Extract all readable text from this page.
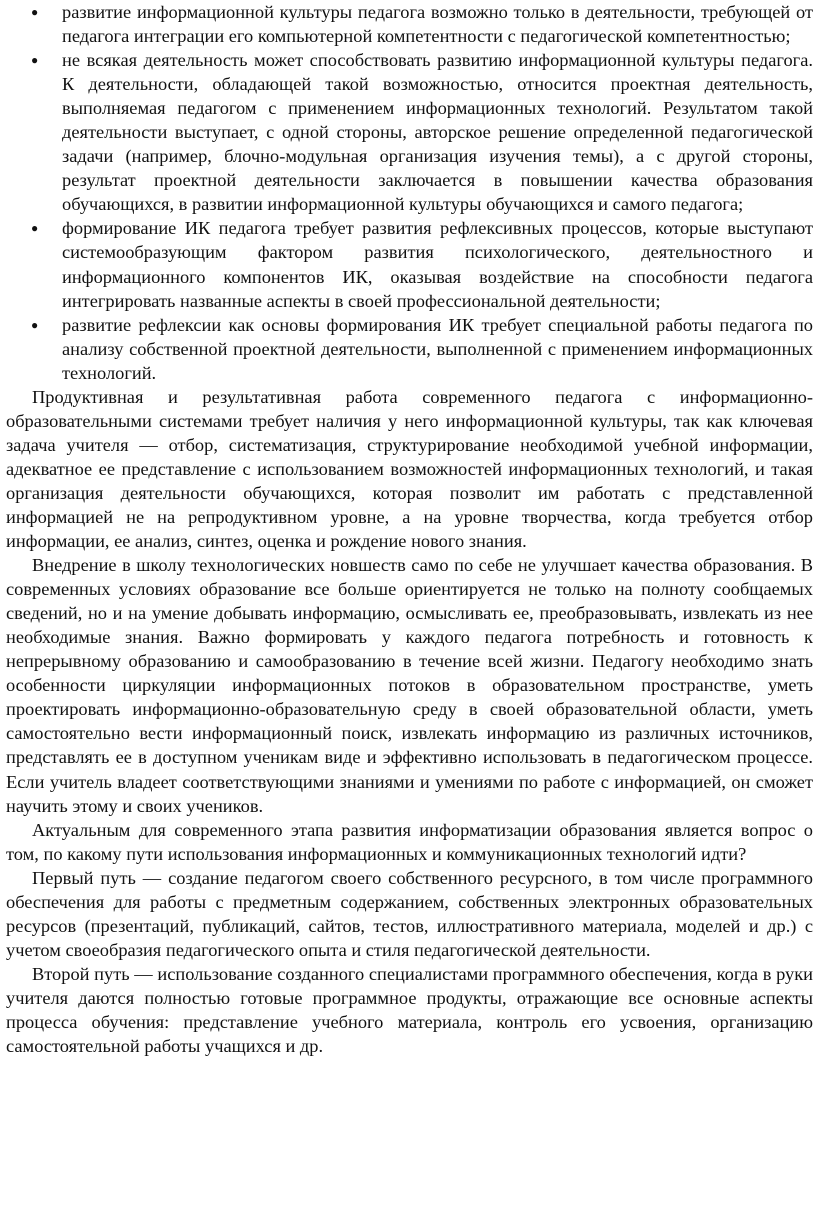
● развитие информационной культуры педагога возможно только в деятельности, требующей от педагога интеграции его компьютерной компетентности с педагогической компетентностью;
● не всякая деятельность может способствовать развитию информационной культуры педагога. К деятельности, обладающей такой возможностью, относится проектная деятельность, выполняемая педагогом с применением информационных технологий. Результатом такой деятельности выступает, с одной стороны, авторское решение определенной педагогической задачи (например, блочно-модульная организация изучения темы), а с другой стороны, результат проектной деятельности заключается в повышении качества образования обучающихся, в развитии информационной культуры обучающихся и самого педагога;
● формирование ИК педагога требует развития рефлексивных процессов, которые выступают системообразующим фактором развития психологического, деятельностного и информационного компонентов ИК, оказывая воздействие на способности педагога интегрировать названные аспекты в своей профессиональной деятельности;
● развитие рефлексии как основы формирования ИК требует специальной работы педагога по анализу собственной проектной деятельности, выполненной с применением информационных технологий.

Продуктивная и результативная работа современного педагога с информационно-образовательными системами требует наличия у него информационной культуры, так как ключевая задача учителя — отбор, систематизация, структурирование необходимой учебной информации, адекватное ее представление с использованием возможностей информационных технологий, и такая организация деятельности обучающихся, которая позволит им работать с представленной информацией не на репродуктивном уровне, а на уровне творчества, когда требуется отбор информации, ее анализ, синтез, оценка и рождение нового знания.

Внедрение в школу технологических новшеств само по себе не улучшает качества образования. В современных условиях образование все больше ориентируется не только на полноту сообщаемых сведений, но и на умение добывать информацию, осмысливать ее, преобразовывать, извлекать из нее необходимые знания. Важно формировать у каждого педагога потребность и готовность к непрерывному образованию и самообразованию в течение всей жизни. Педагогу необходимо знать особенности циркуляции информационных потоков в образовательном пространстве, уметь проектировать информационно-образовательную среду в своей образовательной области, уметь самостоятельно вести информационный поиск, извлекать информацию из различных источников, представлять ее в доступном ученикам виде и эффективно использовать в педагогическом процессе. Если учитель владеет соответствующими знаниями и умениями по работе с информацией, он сможет научить этому и своих учеников.

Актуальным для современного этапа развития информатизации образования является вопрос о том, по какому пути использования информационных и коммуникационных технологий идти?

Первый путь — создание педагогом своего собственного ресурсного, в том числе программного обеспечения для работы с предметным содержанием, собственных электронных образовательных ресурсов (презентаций, публикаций, сайтов, тестов, иллюстративного материала, моделей и др.) с учетом своеобразия педагогического опыта и стиля педагогической деятельности.

Второй путь — использование созданного специалистами программного обеспечения, когда в руки учителя даются полностью готовые программное продукты, отражающие все основные аспекты процесса обучения: представление учебного материала, контроль его усвоения, организацию самостоятельной работы учащихся и др.
